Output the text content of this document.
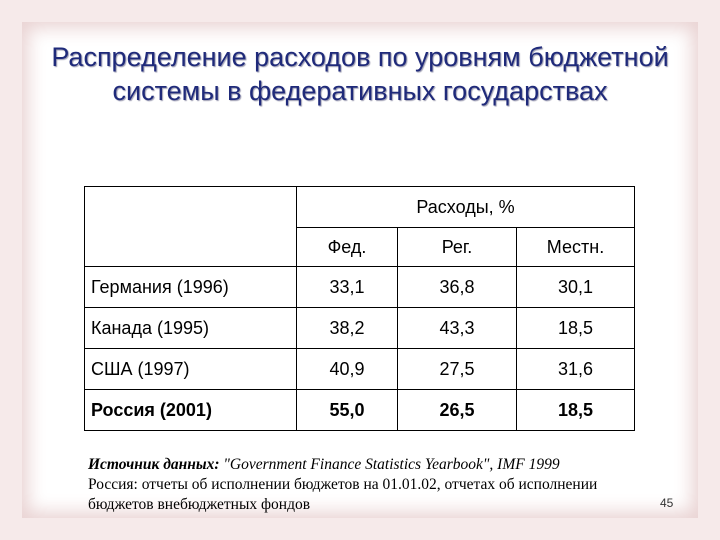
Распределение расходов по уровням бюджетной
системы в федеративных государствах
	Расходы, %		
	Фед.	Рег.	Местн.
Германия (1996)	33,1	36,8	30,1
Канада (1995)	38,2	43,3	18,5
США (1997)	40,9	27,5	31,6
Россия (2001)	55,0	26,5	18,5
Источник данных: "Government Finance Statistics Yearbook", IMF 1999
Россия: отчеты об исполнении бюджетов на 01.01.02, отчетах об исполнении
бюджетов внебюджетных фондов	45
